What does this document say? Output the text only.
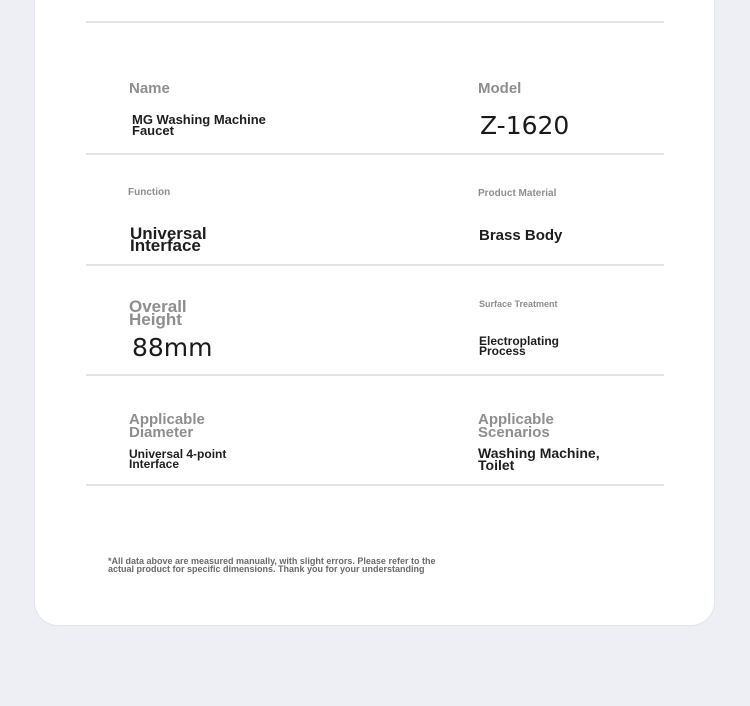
Name
MG Washing Machine
Faucet
Model
Z-1620
Function
Universal
Interface
Product Material
Brass Body
Overall
Height
88mm
Surface Treatment
Electroplating
Process
Applicable
Diameter
Universal 4-point
Interface
Applicable
Scenarios
Washing Machine,
Toilet
*All data above are measured manually, with slight errors. Please refer to the
actual product for specific dimensions. Thank you for your understanding
